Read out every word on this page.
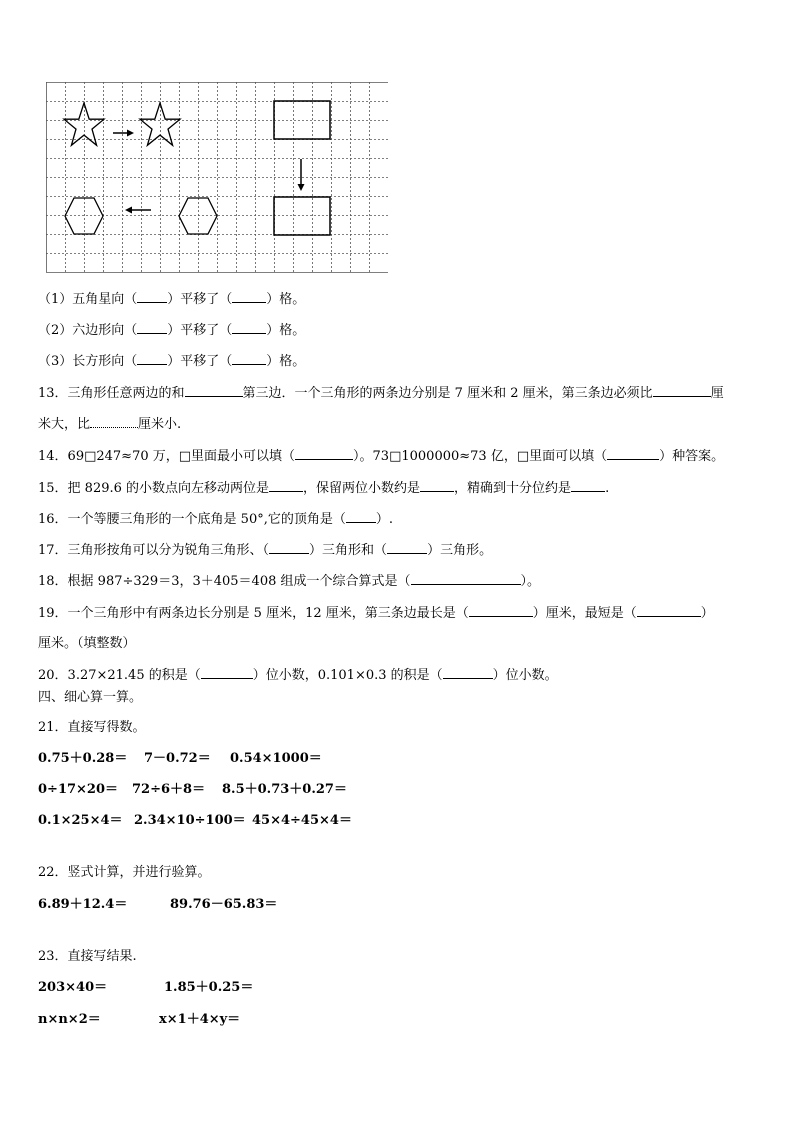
（1）五角星向（ ）平移了（	）格。
（2）六边形向（ ）平移了（	）格。
（3）长方形向（ ）平移了（	）格。
13．三角形任意两边的和	第三边．一个三角形的两条边分别是 7 厘米和 2 厘米，第三条边必须比	厘
米大，比	厘米小.
14．69□247≈70 万，□里面最小可以填（	）。73□1000000≈73 亿，□里面可以填（	）种答案。
15．把 829.6 的小数点向左移动两位是	，保留两位小数约是	，精确到十分位约是	.
16．一个等腰三角形的一个底角是 50°,它的顶角是（ ）.
17．三角形按角可以分为锐角三角形、（	）三角形和（	）三角形。
18．根据 987÷329＝3，3＋405＝408 组成一个综合算式是（	）。
19．一个三角形中有两条边长分别是 5 厘米，12 厘米，第三条边最长是（	）厘米，最短是（	）
厘米。（填整数）
20．3.27×21.45 的积是（	）位小数，0.101×0.3 的积是（	）位小数。
四、细心算一算。
21．直接写得数。
0.75＋0.28＝ 7－0.72＝ 0.54×1000＝
0÷17×20＝ 72÷6＋8＝ 8.5＋0.73＋0.27＝
0.1×25×4＝ 2.34×10÷100＝ 45×4÷45×4＝
22．竖式计算，并进行验算。
6.89＋12.4＝	89.76－65.83＝
23．直接写结果.
203×40＝	1.85＋0.25＝
n×n×2＝	x×1＋4×y＝
